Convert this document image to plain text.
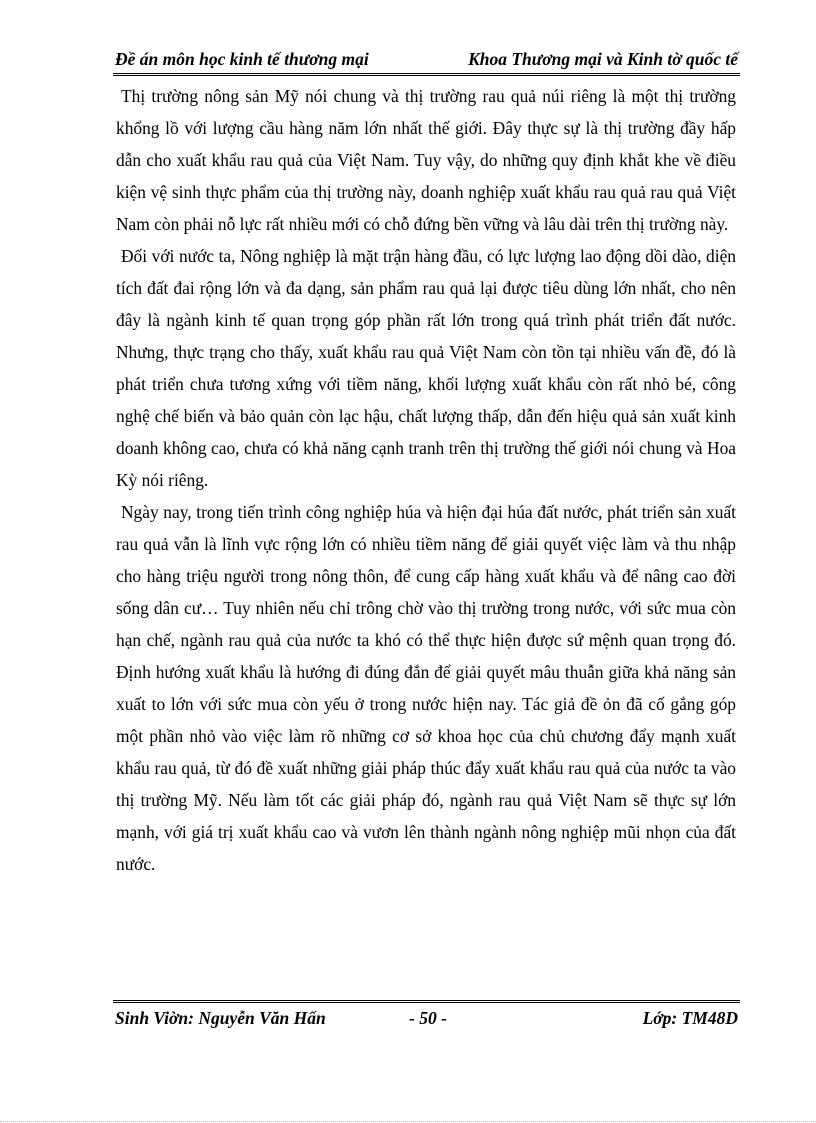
Đề án môn học kinh tế thương mại	Khoa Thương mại và Kinh tờ quốc tế

Thị trường nông sản Mỹ nói chung và thị trường rau quả núi riêng là một thị trường khổng lồ với lượng cầu hàng năm lớn nhất thế giới. Đây thực sự là thị trường đầy hấp dẫn cho xuất khẩu rau quả của Việt Nam. Tuy vậy, do những quy định khắt khe về điều kiện vệ sinh thực phẩm của thị trường này, doanh nghiệp xuất khẩu rau quả rau quả Việt Nam còn phải nỗ lực rất nhiều mới có chỗ đứng bền vững và lâu dài trên thị trường này.

Đối với nước ta, Nông nghiệp là mặt trận hàng đầu, có lực lượng lao động dồi dào, diện tích đất đai rộng lớn và đa dạng, sản phẩm rau quả lại được tiêu dùng lớn nhất, cho nên đây là ngành kinh tế quan trọng góp phần rất lớn trong quá trình phát triển đất nước. Nhưng, thực trạng cho thấy, xuất khẩu rau quả Việt Nam còn tồn tại nhiều vấn đề, đó là phát triển chưa tương xứng với tiềm năng, khối lượng xuất khẩu còn rất nhỏ bé, công nghệ chế biến và bảo quản còn lạc hậu, chất lượng thấp, dẫn đến hiệu quả sản xuất kinh doanh không cao, chưa có khả năng cạnh tranh trên thị trường thế giới nói chung và Hoa Kỳ nói riêng.

Ngày nay, trong tiến trình công nghiệp húa và hiện đại húa đất nước, phát triển sản xuất rau quả vẫn là lĩnh vực rộng lớn có nhiều tiềm năng để giải quyết việc làm và thu nhập cho hàng triệu người trong nông thôn, để cung cấp hàng xuất khẩu và để nâng cao đời sống dân cư… Tuy nhiên nếu chỉ trông chờ vào thị trường trong nước, với sức mua còn hạn chế, ngành rau quả của nước ta khó có thể thực hiện được sứ mệnh quan trọng đó. Định hướng xuất khẩu là hướng đi đúng đắn để giải quyết mâu thuẫn giữa khả năng sản xuất to lớn với sức mua còn yếu ở trong nước hiện nay. Tác giả đề ỏn đã cố gắng góp một phần nhỏ vào việc làm rõ những cơ sở khoa học của chủ chương đẩy mạnh xuất khẩu rau quả, từ đó đề xuất những giải pháp thúc đẩy xuất khẩu rau quả của nước ta vào thị trường Mỹ. Nếu làm tốt các giải pháp đó, ngành rau quả Việt Nam sẽ thực sự lớn mạnh, với giá trị xuất khẩu cao và vươn lên thành ngành nông nghiệp mũi nhọn của đất nước.

Sinh Viờn: Nguyễn Văn Hấn	- 50 -	Lớp: TM48D
